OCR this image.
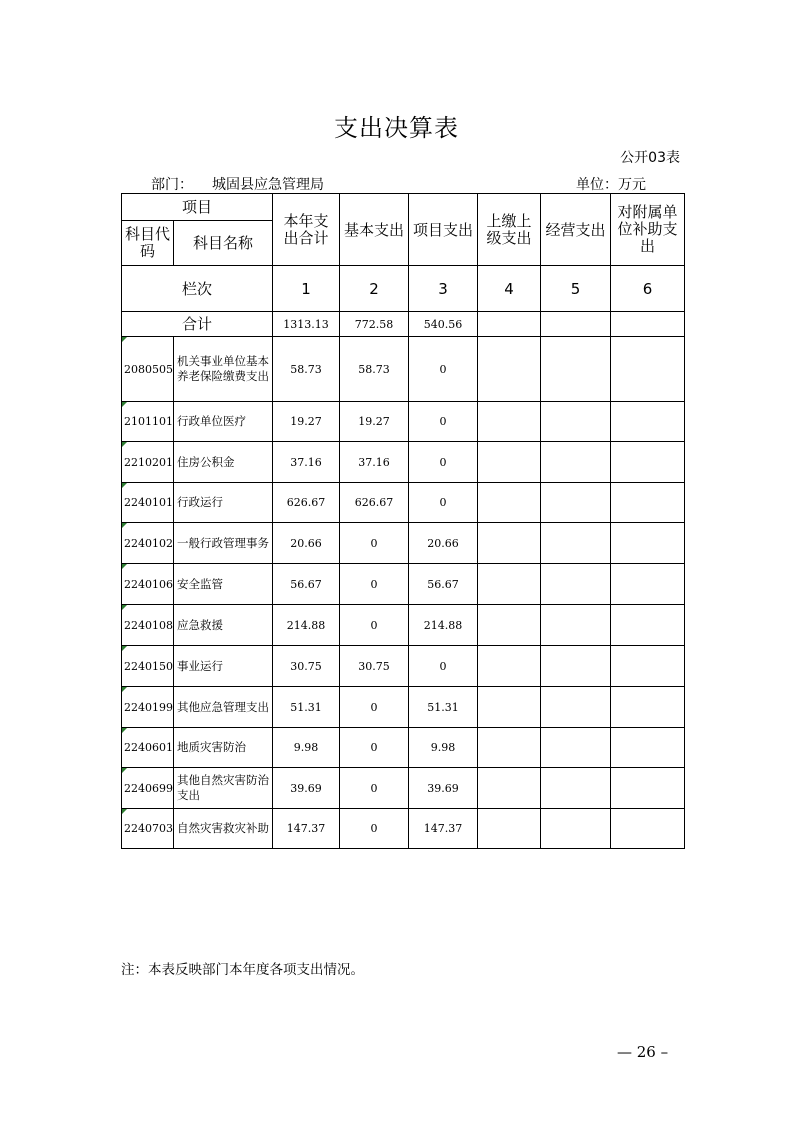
支出决算表
公开03表
部门： 城固县应急管理局	单位：万元
项目		本年支出合计	基本支出	项目支出	上缴上级支出	经营支出	对附属单位补助支出
科目代码	科目名称						
栏次		1	2	3	4	5	6
合计		1313.13	772.58	540.56			

2080505	机关事业单位基本养老保险缴费支出	58.73	58.73	0			

2101101	行政单位医疗	19.27	19.27	0			

2210201	住房公积金	37.16	37.16	0			

2240101	行政运行	626.67	626.67	0			

2240102	一般行政管理事务	20.66	0	20.66			

2240106	安全监管	56.67	0	56.67			

2240108	应急救援	214.88	0	214.88			

2240150	事业运行	30.75	30.75	0			

2240199	其他应急管理支出	51.31	0	51.31			

2240601	地质灾害防治	9.98	0	9.98			

2240699	其他自然灾害防治支出	39.69	0	39.69			

2240703	自然灾害救灾补助	147.37	0	147.37			
注：本表反映部门本年度各项支出情况。
— 26 –
